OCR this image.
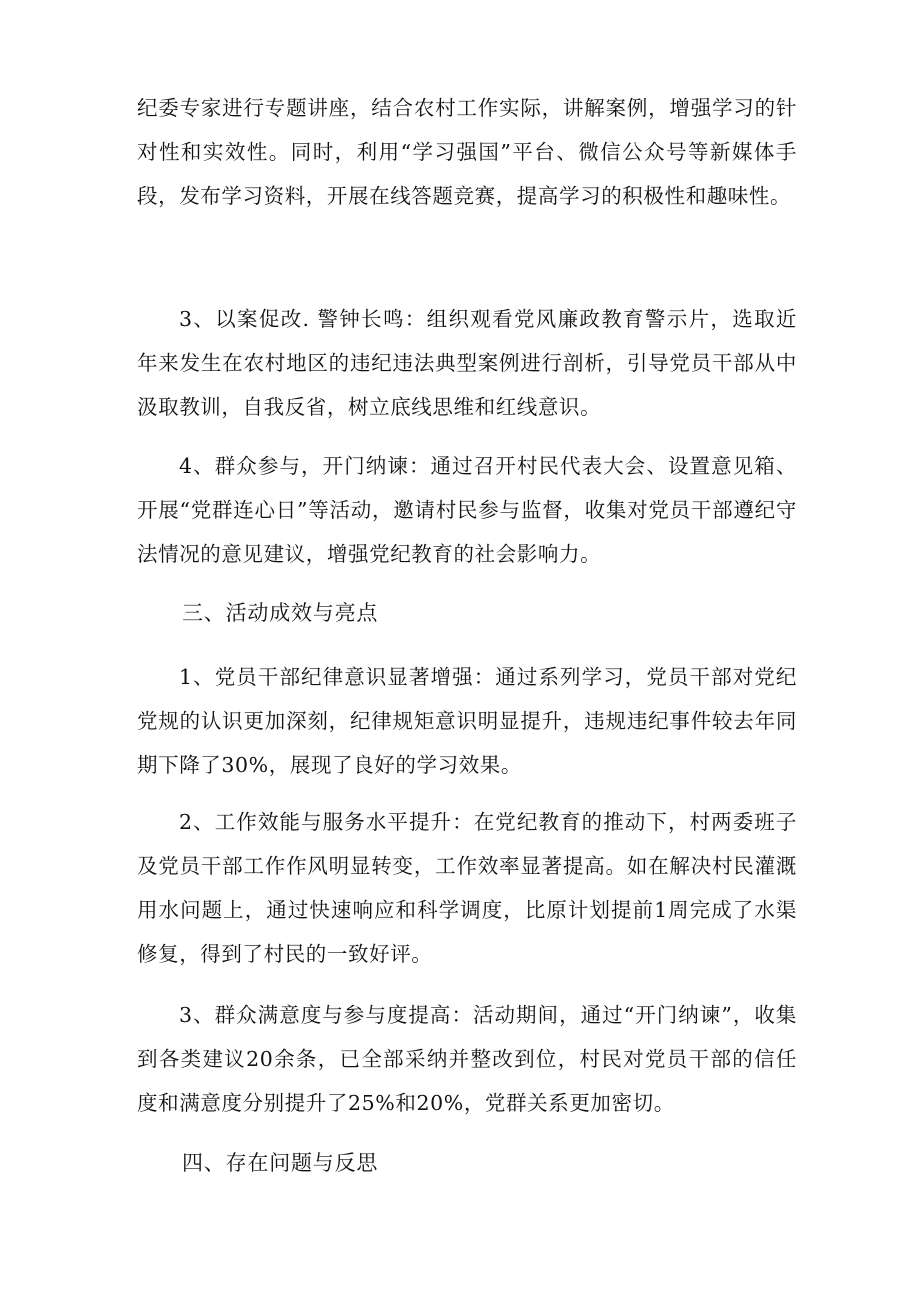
纪委专家进行专题讲座，结合农村工作实际，讲解案例，增强学习的针对性和实效性。同时，利用“学习强国”平台、微信公众号等新媒体手段，发布学习资料，开展在线答题竞赛，提高学习的积极性和趣味性。

3、以案促改. 警钟长鸣：组织观看党风廉政教育警示片，选取近年来发生在农村地区的违纪违法典型案例进行剖析，引导党员干部从中汲取教训，自我反省，树立底线思维和红线意识。

4、群众参与，开门纳谏：通过召开村民代表大会、设置意见箱、开展“党群连心日”等活动，邀请村民参与监督，收集对党员干部遵纪守法情况的意见建议，增强党纪教育的社会影响力。

三、活动成效与亮点

1、党员干部纪律意识显著增强：通过系列学习，党员干部对党纪党规的认识更加深刻，纪律规矩意识明显提升，违规违纪事件较去年同期下降了30%，展现了良好的学习效果。

2、工作效能与服务水平提升：在党纪教育的推动下，村两委班子及党员干部工作作风明显转变，工作效率显著提高。如在解决村民灌溉用水问题上，通过快速响应和科学调度，比原计划提前1周完成了水渠修复，得到了村民的一致好评。

3、群众满意度与参与度提高：活动期间，通过“开门纳谏”，收集到各类建议20余条，已全部采纳并整改到位，村民对党员干部的信任度和满意度分别提升了25%和20%，党群关系更加密切。

四、存在问题与反思
